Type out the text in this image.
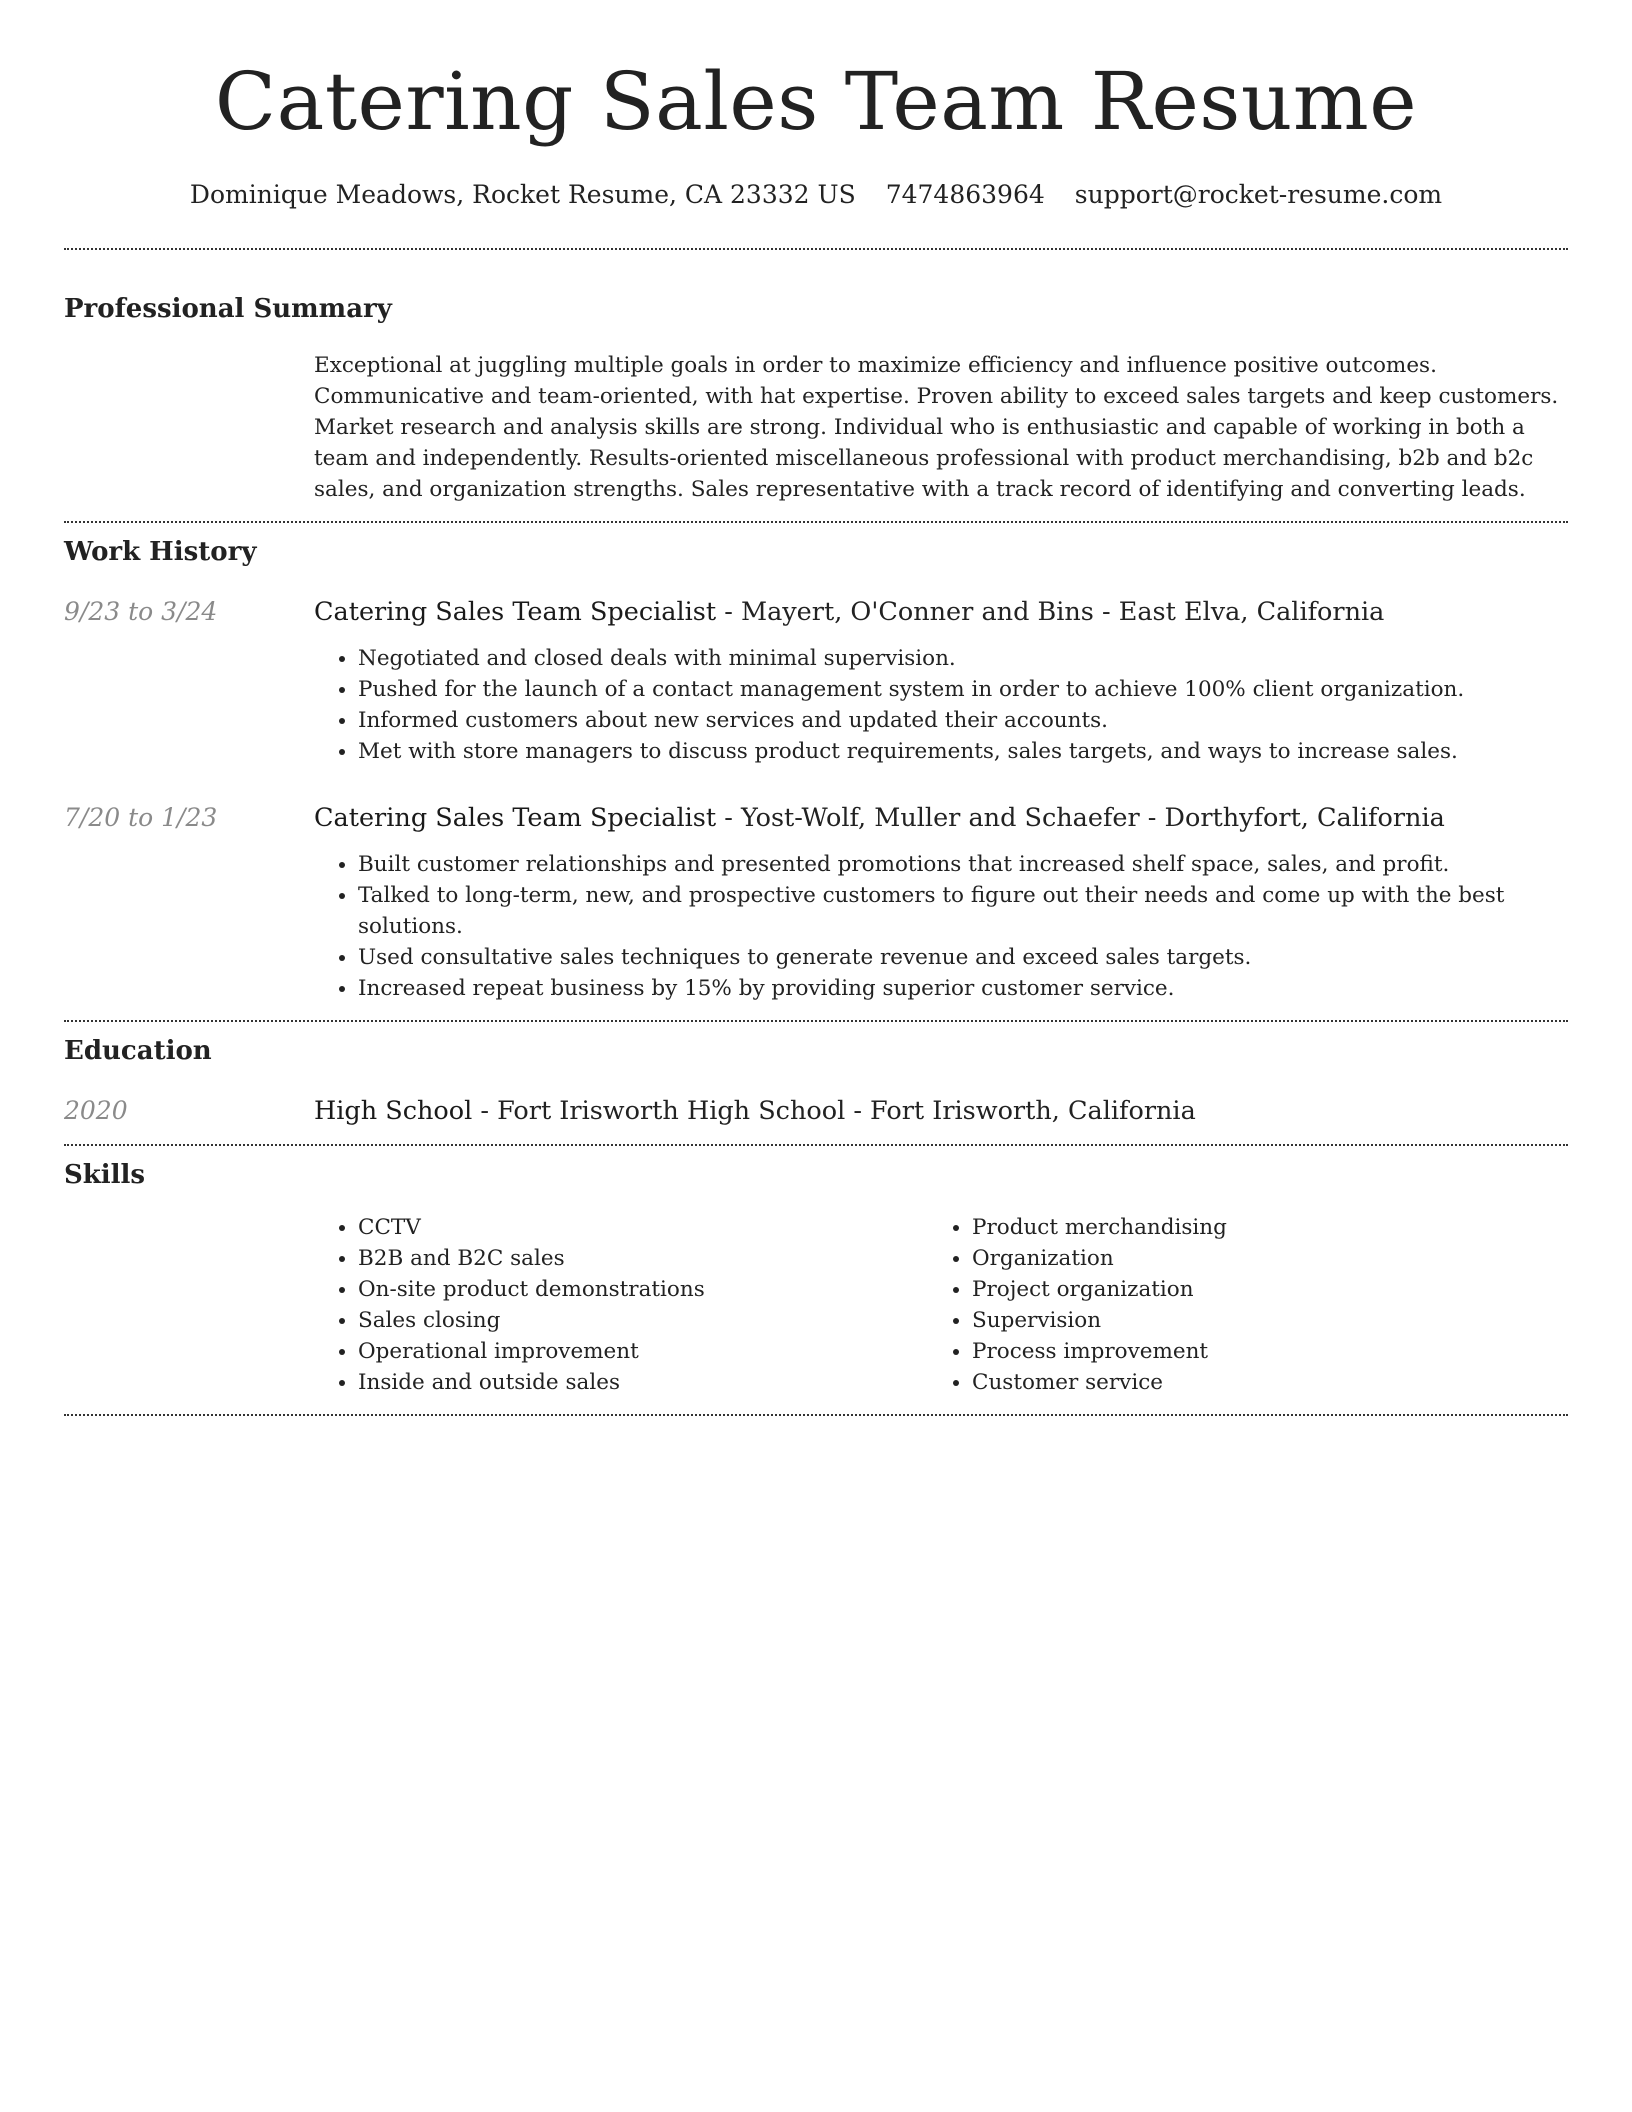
Catering Sales Team Resume
Dominique Meadows, Rocket Resume, CA 23332 US 7474863964 support@rocket-resume.com
Professional Summary

Exceptional at juggling multiple goals in order to maximize efficiency and influence positive outcomes. Communicative and team-oriented, with hat expertise. Proven ability to exceed sales targets and keep customers. Market research and analysis skills are strong. Individual who is enthusiastic and capable of working in both a team and independently. Results-oriented miscellaneous professional with product merchandising, b2b and b2c sales, and organization strengths. Sales representative with a track record of identifying and converting leads.

Work History
9/23 to 3/24	Catering Sales Team Specialist - Mayert, O'Conner and Bins - East Elva, California
• Negotiated and closed deals with minimal supervision.
• Pushed for the launch of a contact management system in order to achieve 100% client organization.
• Informed customers about new services and updated their accounts.
• Met with store managers to discuss product requirements, sales targets, and ways to increase sales.
7/20 to 1/23	Catering Sales Team Specialist - Yost-Wolf, Muller and Schaefer - Dorthyfort, California
• Built customer relationships and presented promotions that increased shelf space, sales, and profit.
• Talked to long-term, new, and prospective customers to figure out their needs and come up with the best solutions.
• Used consultative sales techniques to generate revenue and exceed sales targets.
• Increased repeat business by 15% by providing superior customer service.
Education
2020	High School - Fort Irisworth High School - Fort Irisworth, California
Skills
• CCTV
• B2B and B2C sales
• On-site product demonstrations
• Sales closing
• Operational improvement
• Inside and outside sales
• Product merchandising
• Organization
• Project organization
• Supervision
• Process improvement
• Customer service
